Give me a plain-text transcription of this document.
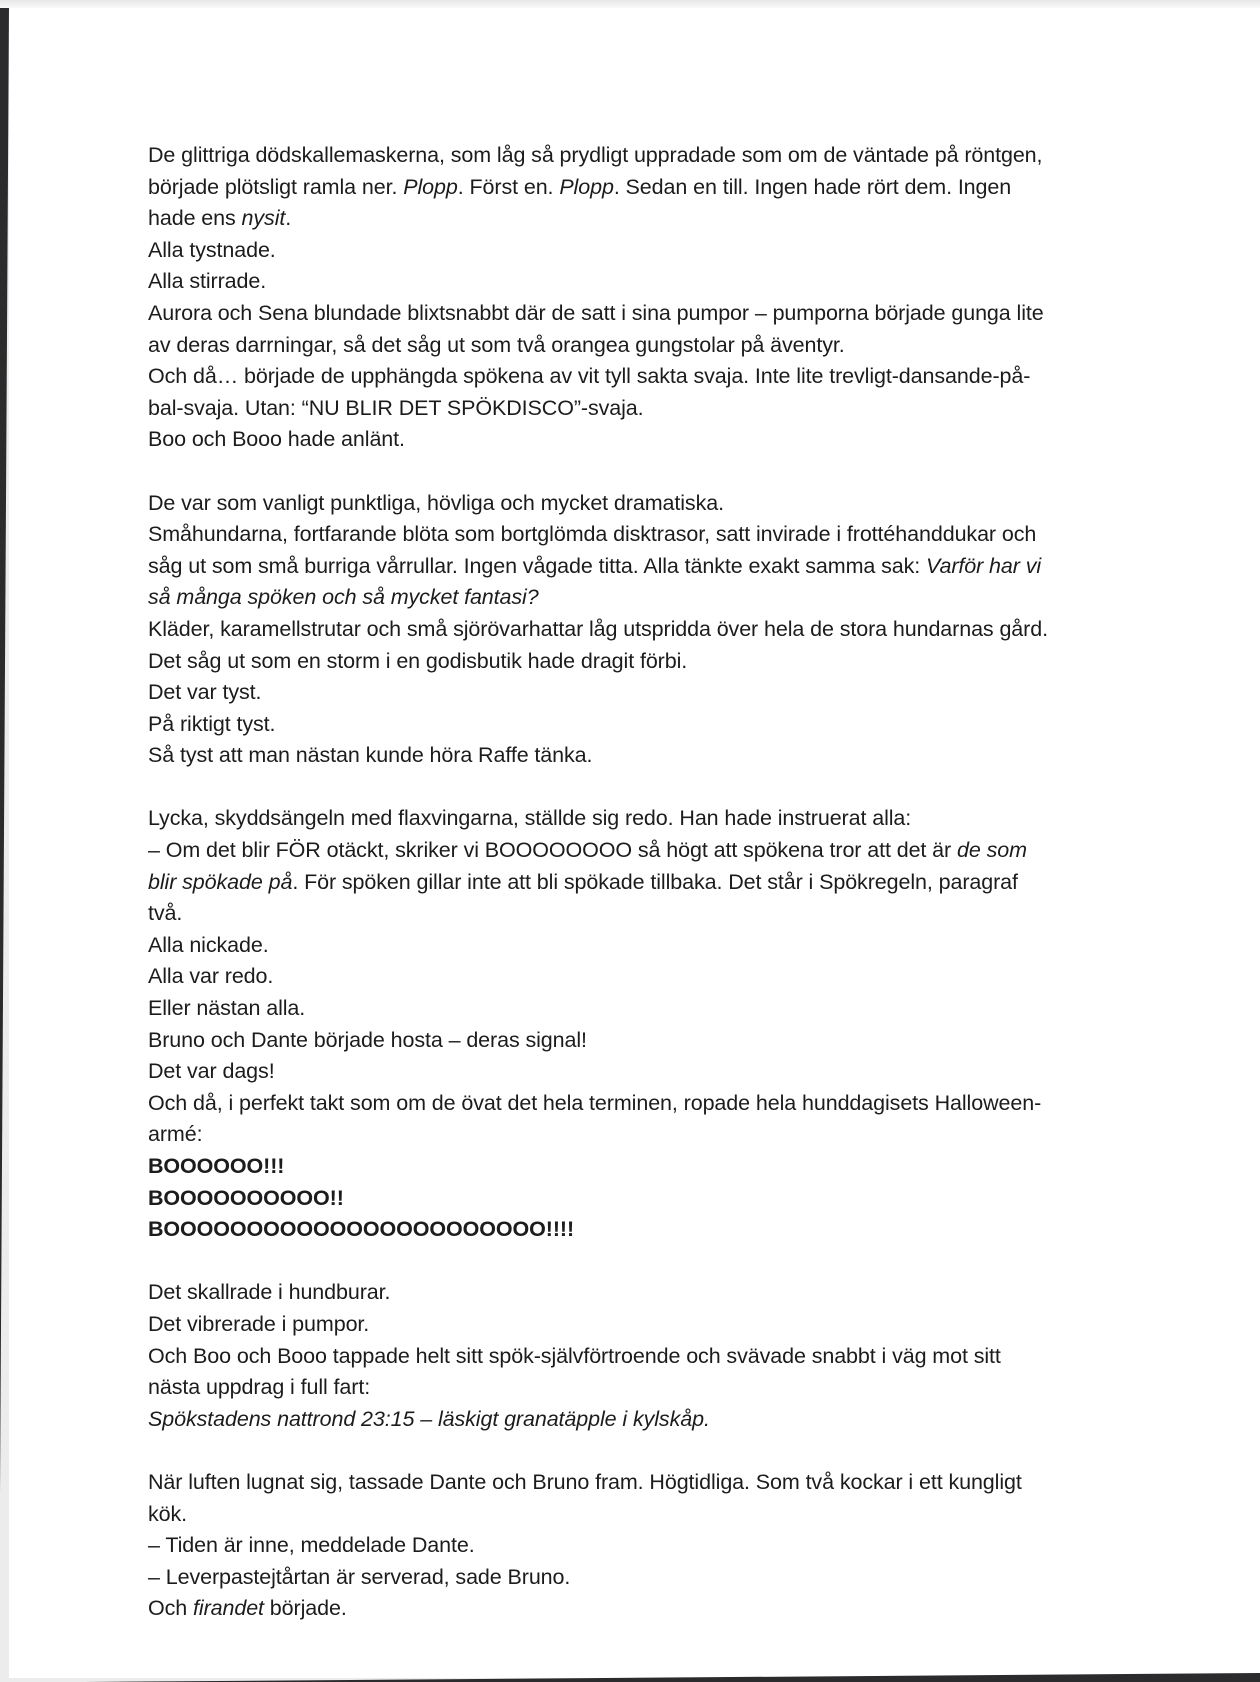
De glittriga dödskallemaskerna, som låg så prydligt uppradade som om de väntade på röntgen, började plötsligt ramla ner. Plopp. Först en. Plopp. Sedan en till. Ingen hade rört dem. Ingen hade ens nysit.

Alla tystnade.

Alla stirrade.

Aurora och Sena blundade blixtsnabbt där de satt i sina pumpor – pumporna började gunga lite av deras darrningar, så det såg ut som två orangea gungstolar på äventyr.

Och då… började de upphängda spökena av vit tyll sakta svaja. Inte lite trevligt-dansande-på-bal-svaja. Utan: “NU BLIR DET SPÖKDISCO”-svaja.

Boo och Booo hade anlänt.

De var som vanligt punktliga, hövliga och mycket dramatiska.

Småhundarna, fortfarande blöta som bortglömda disktrasor, satt invirade i frottéhanddukar och såg ut som små burriga vårrullar. Ingen vågade titta. Alla tänkte exakt samma sak: Varför har vi så många spöken och så mycket fantasi?

Kläder, karamellstrutar och små sjörövarhattar låg utspridda över hela de stora hundarnas gård. Det såg ut som en storm i en godisbutik hade dragit förbi.

Det var tyst.

På riktigt tyst.

Så tyst att man nästan kunde höra Raffe tänka.

Lycka, skyddsängeln med flaxvingarna, ställde sig redo. Han hade instruerat alla:

– Om det blir FÖR otäckt, skriker vi BOOOOOOOO så högt att spökena tror att det är de som blir spökade på. För spöken gillar inte att bli spökade tillbaka. Det står i Spökregeln, paragraf två.

Alla nickade.

Alla var redo.

Eller nästan alla.

Bruno och Dante började hosta – deras signal!

Det var dags!

Och då, i perfekt takt som om de övat det hela terminen, ropade hela hunddagisets Halloween-armé:

BOOOOOO!!!

BOOOOOOOOOO!!

BOOOOOOOOOOOOOOOOOOOOOOO!!!!

Det skallrade i hundburar.

Det vibrerade i pumpor.

Och Boo och Booo tappade helt sitt spök-självförtroende och svävade snabbt i väg mot sitt nästa uppdrag i full fart:

Spökstadens nattrond 23:15 – läskigt granatäpple i kylskåp.

När luften lugnat sig, tassade Dante och Bruno fram. Högtidliga. Som två kockar i ett kungligt kök.

– Tiden är inne, meddelade Dante.

– Leverpastejtårtan är serverad, sade Bruno.

Och firandet började.
